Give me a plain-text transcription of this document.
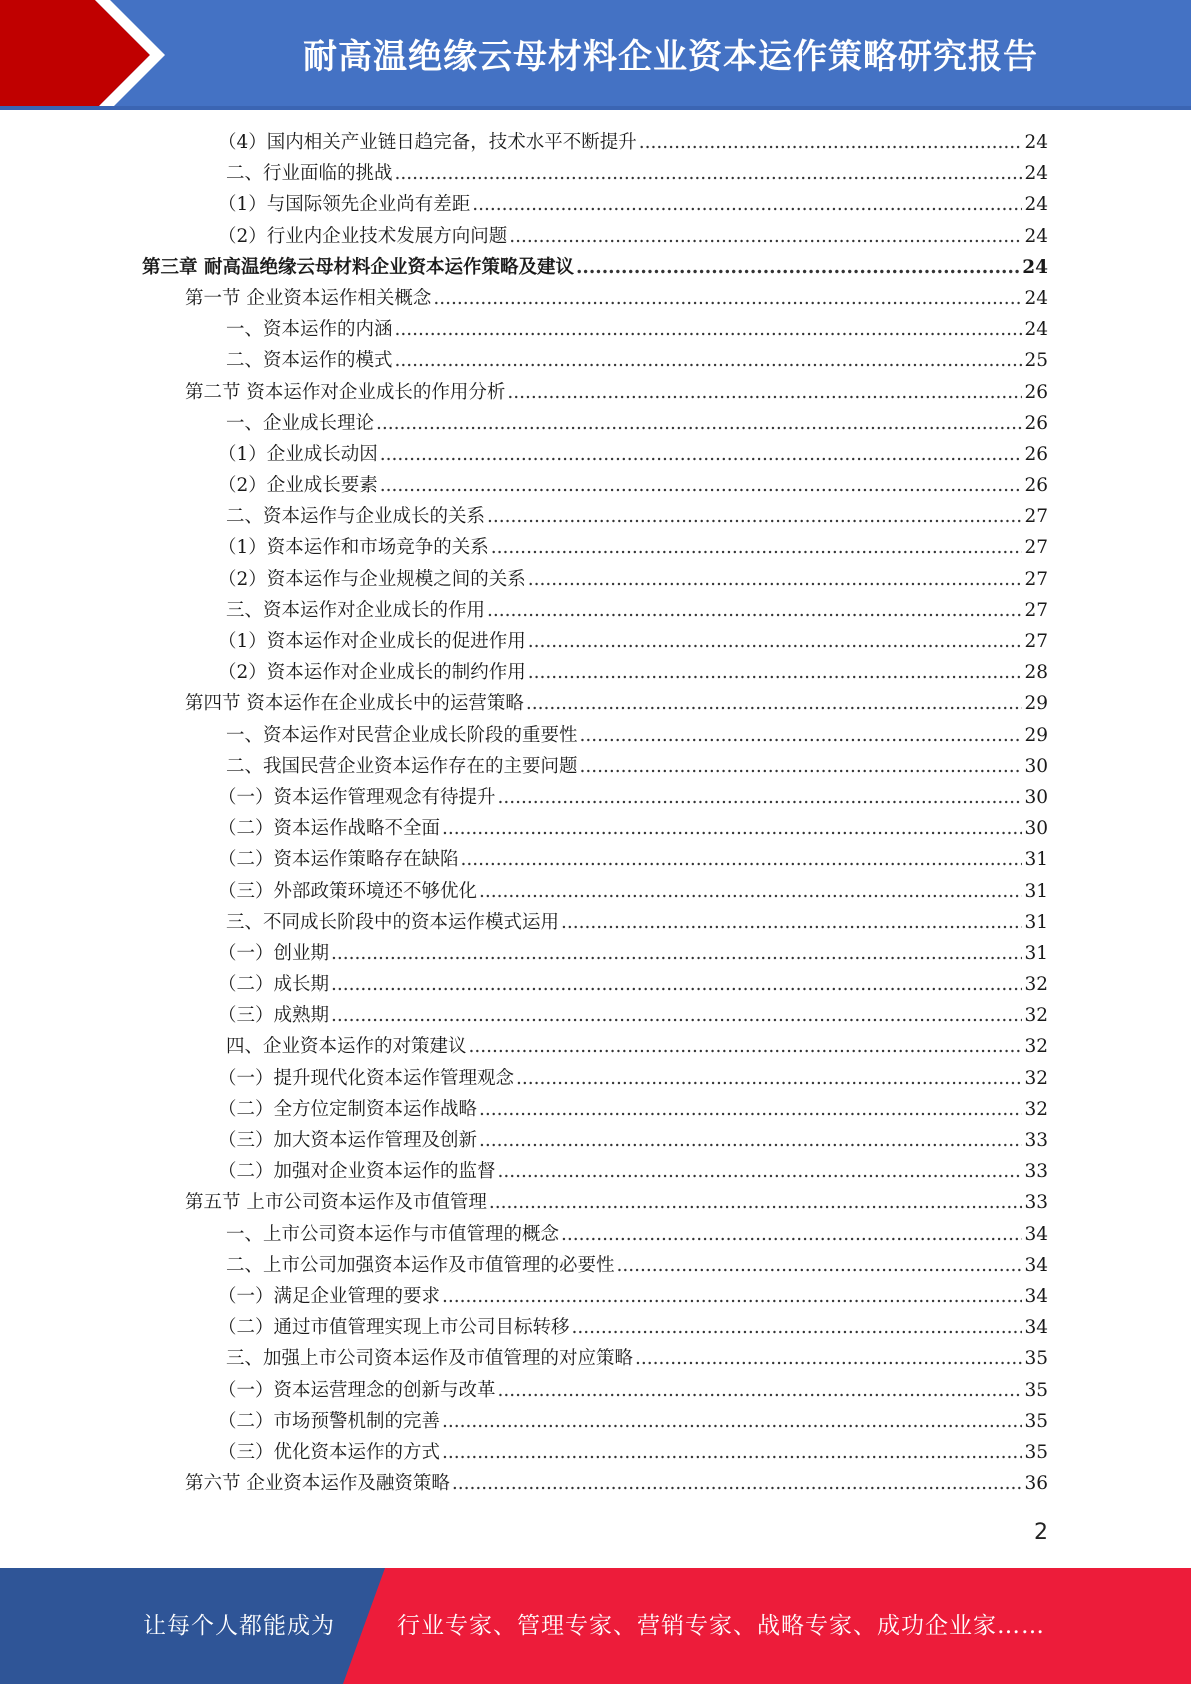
耐高温绝缘云母材料企业资本运作策略研究报告
（4）国内相关产业链日趋完备，技术水平不断提升 .....	24
二、行业面临的挑战 .....	24
（1）与国际领先企业尚有差距 .....	24
（2）行业内企业技术发展方向问题 .....	24
第三章 耐高温绝缘云母材料企业资本运作策略及建议 .....	24
第一节 企业资本运作相关概念 .....	24
一、资本运作的内涵 .....	24
二、资本运作的模式 .....	25
第二节 资本运作对企业成长的作用分析 .....	26
一、企业成长理论 .....	26
（1）企业成长动因 .....	26
（2）企业成长要素 .....	26
二、资本运作与企业成长的关系 .....	27
（1）资本运作和市场竞争的关系 .....	27
（2）资本运作与企业规模之间的关系 .....	27
三、资本运作对企业成长的作用 .....	27
（1）资本运作对企业成长的促进作用 .....	27
（2）资本运作对企业成长的制约作用 .....	28
第四节 资本运作在企业成长中的运营策略 .....	29
一、资本运作对民营企业成长阶段的重要性 .....	29
二、我国民营企业资本运作存在的主要问题 .....	30
（一）资本运作管理观念有待提升 .....	30
（二）资本运作战略不全面 .....	30
（二）资本运作策略存在缺陷 .....	31
（三）外部政策环境还不够优化 .....	31
三、不同成长阶段中的资本运作模式运用 .....	31
（一）创业期 .....	31
（二）成长期 .....	32
（三）成熟期 .....	32
四、企业资本运作的对策建议 .....	32
（一）提升现代化资本运作管理观念 .....	32
（二）全方位定制资本运作战略 .....	32
（三）加大资本运作管理及创新 .....	33
（二）加强对企业资本运作的监督 .....	33
第五节 上市公司资本运作及市值管理 .....	33
一、上市公司资本运作与市值管理的概念 .....	34
二、上市公司加强资本运作及市值管理的必要性 .....	34
（一）满足企业管理的要求 .....	34
（二）通过市值管理实现上市公司目标转移 .....	34
三、加强上市公司资本运作及市值管理的对应策略 .....	35
（一）资本运营理念的创新与改革 .....	35
（二）市场预警机制的完善 .....	35
（三）优化资本运作的方式 .....	35
第六节 企业资本运作及融资策略 .....	36
2
让每个人都能成为	行业专家、管理专家、营销专家、战略专家、成功企业家……
